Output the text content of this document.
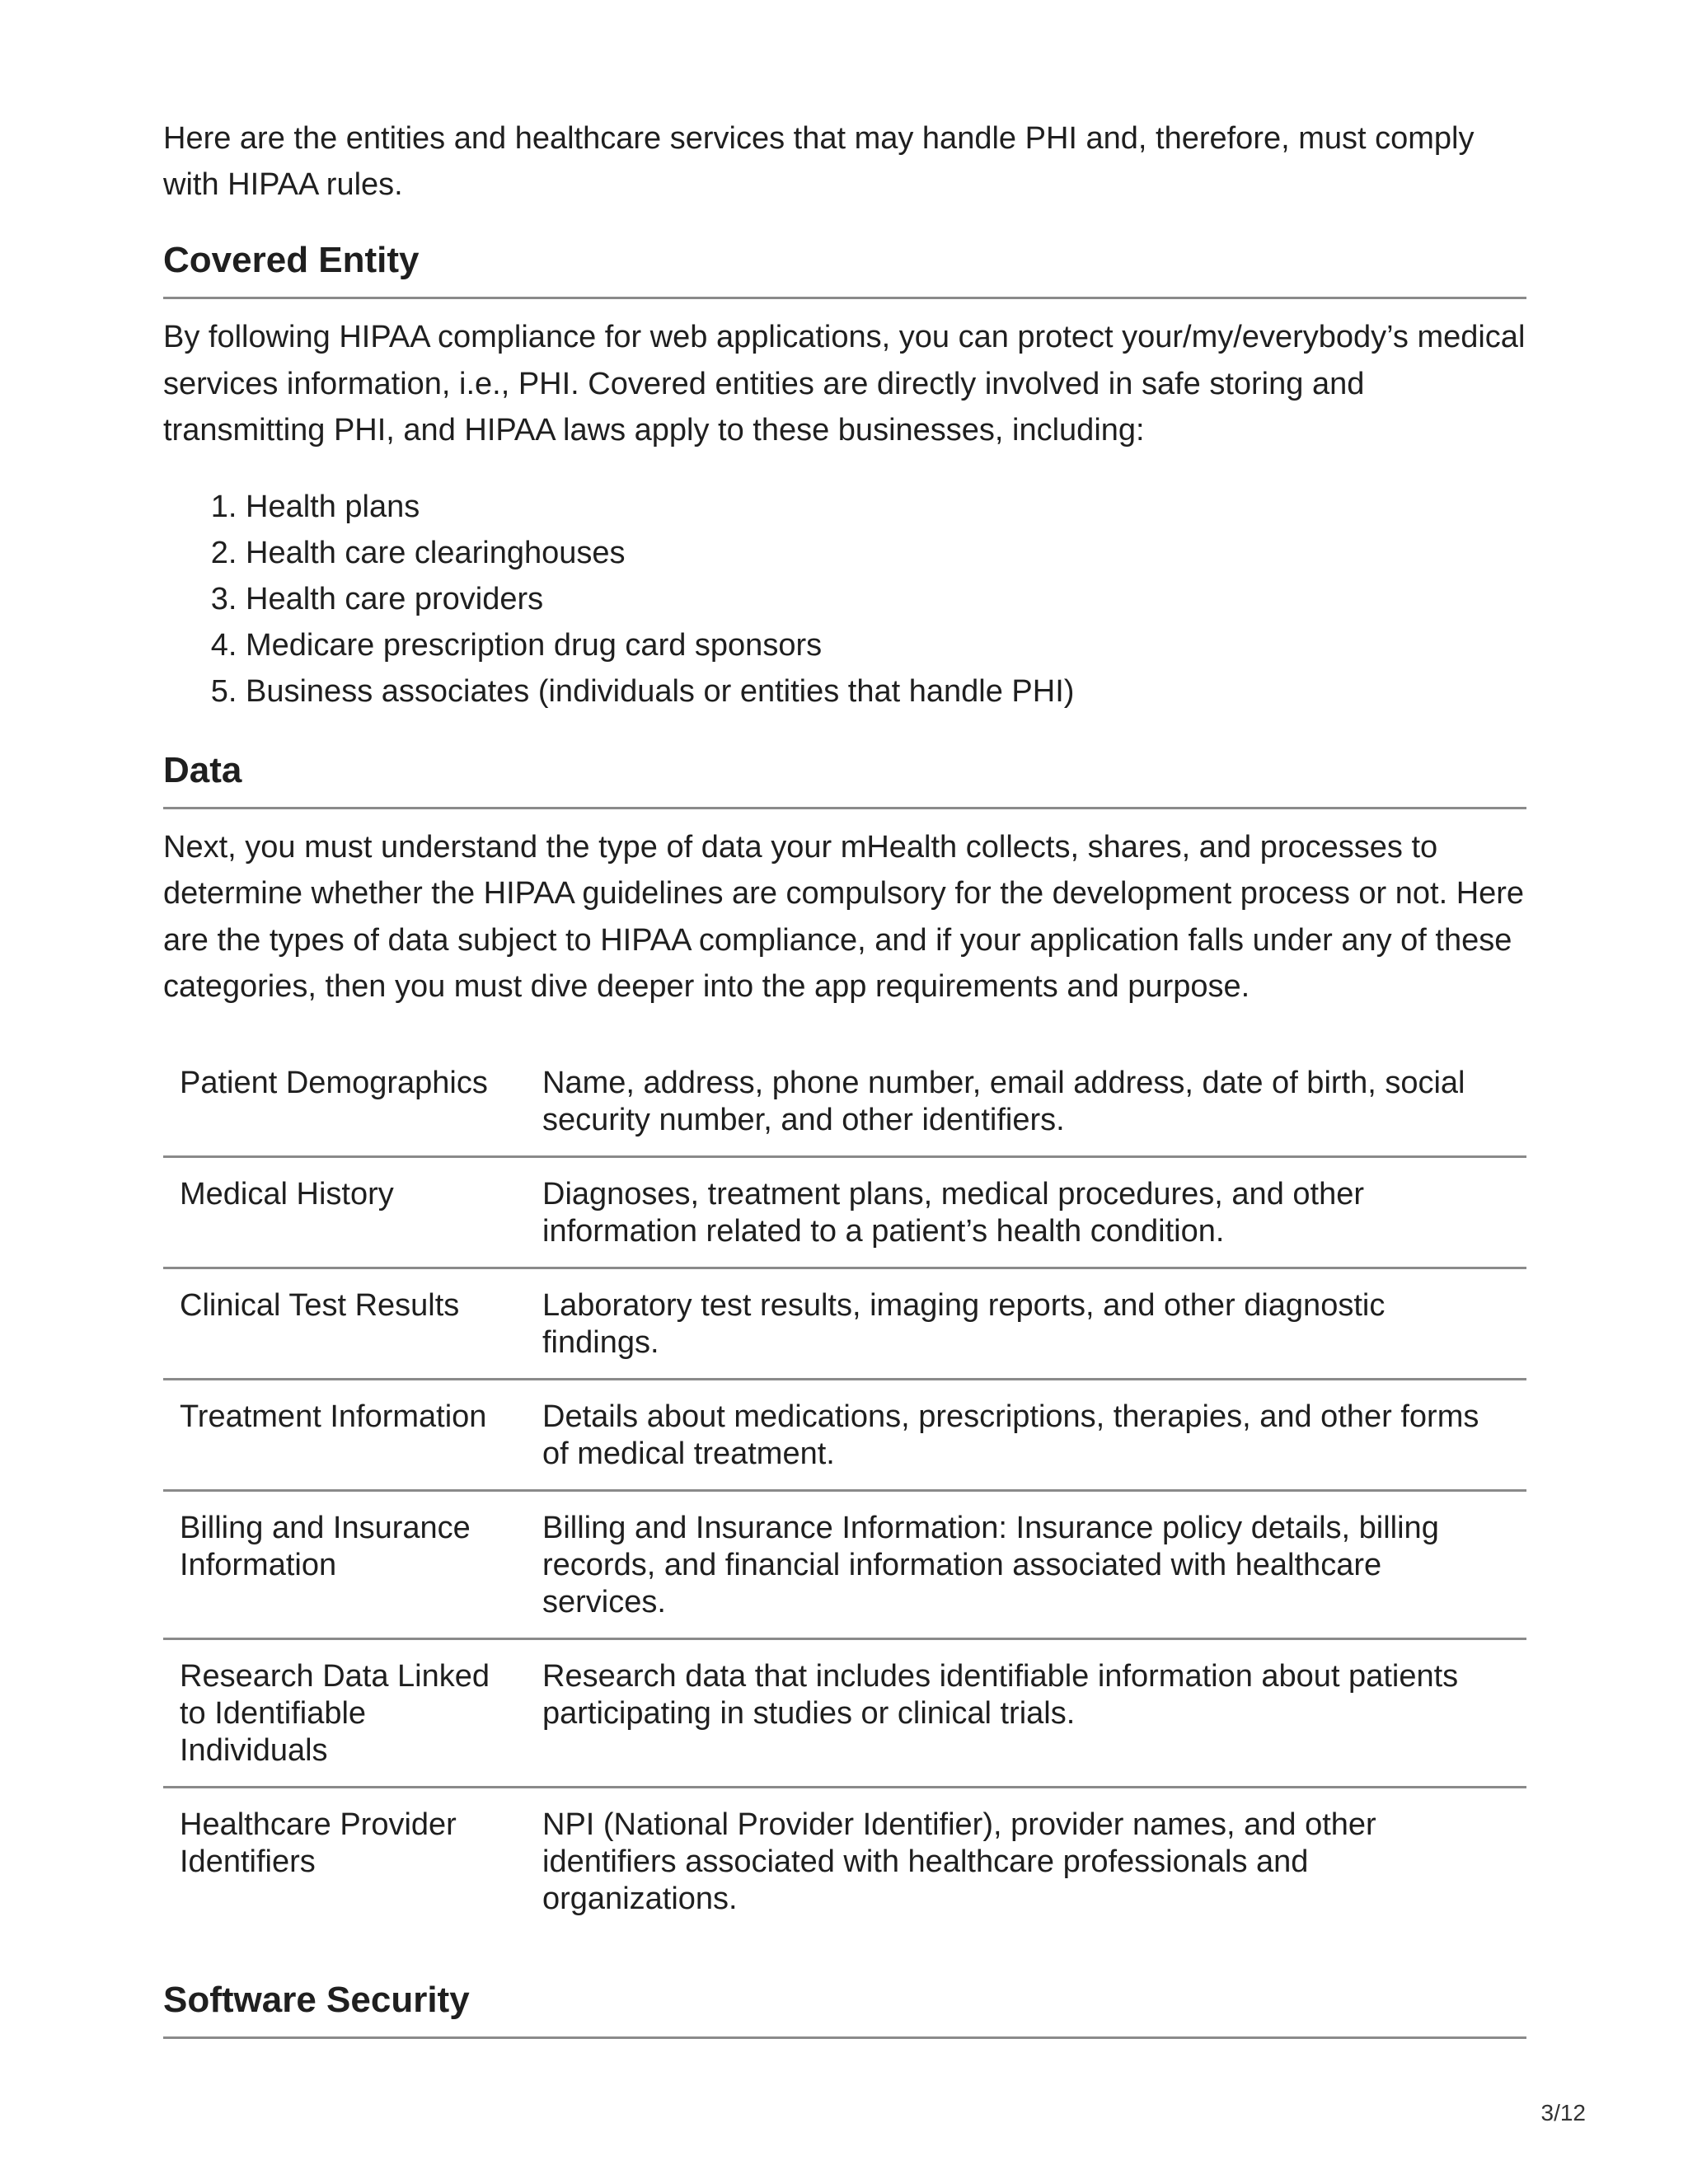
Here are the entities and healthcare services that may handle PHI and, therefore, must comply with HIPAA rules.

Covered Entity

By following HIPAA compliance for web applications, you can protect your/my/everybody’s medical services information, i.e., PHI. Covered entities are directly involved in safe storing and transmitting PHI, and HIPAA laws apply to these businesses, including:

1. Health plans
2. Health care clearinghouses
3. Health care providers
4. Medicare prescription drug card sponsors
5. Business associates (individuals or entities that handle PHI)
Data

Next, you must understand the type of data your mHealth collects, shares, and processes to determine whether the HIPAA guidelines are compulsory for the development process or not. Here are the types of data subject to HIPAA compliance, and if your application falls under any of these categories, then you must dive deeper into the app requirements and purpose.

Patient Demographics	Name, address, phone number, email address, date of birth, social security number, and other identifiers.
Medical History	Diagnoses, treatment plans, medical procedures, and other information related to a patient’s health condition.
Clinical Test Results	Laboratory test results, imaging reports, and other diagnostic findings.
Treatment Information	Details about medications, prescriptions, therapies, and other forms of medical treatment.
Billing and Insurance Information	Billing and Insurance Information: Insurance policy details, billing records, and financial information associated with healthcare services.
Research Data Linked to Identifiable Individuals	Research data that includes identifiable information about patients participating in studies or clinical trials.
Healthcare Provider Identifiers	NPI (National Provider Identifier), provider names, and other identifiers associated with healthcare professionals and organizations.
Software Security
3/12
